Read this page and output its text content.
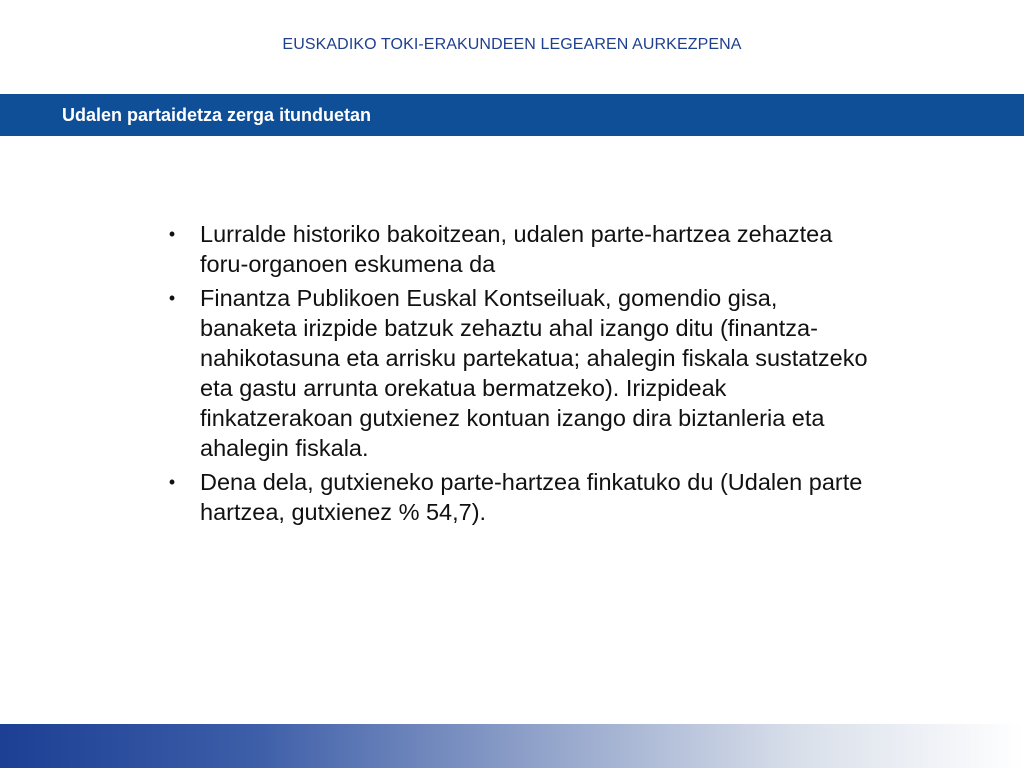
EUSKADIKO TOKI-ERAKUNDEEN LEGEAREN AURKEZPENA
Udalen partaidetza zerga itunduetan
• Lurralde historiko bakoitzean, udalen parte-hartzea zehaztea foru-organoen eskumena da
• Finantza Publikoen Euskal Kontseiluak, gomendio gisa, banaketa irizpide batzuk zehaztu ahal izango ditu (finantza-nahikotasuna eta arrisku partekatua; ahalegin fiskala sustatzeko eta gastu arrunta orekatua bermatzeko). Irizpideak finkatzerakoan gutxienez kontuan izango dira biztanleria eta ahalegin fiskala.
• Dena dela, gutxieneko parte-hartzea finkatuko du (Udalen parte hartzea, gutxienez % 54,7).
